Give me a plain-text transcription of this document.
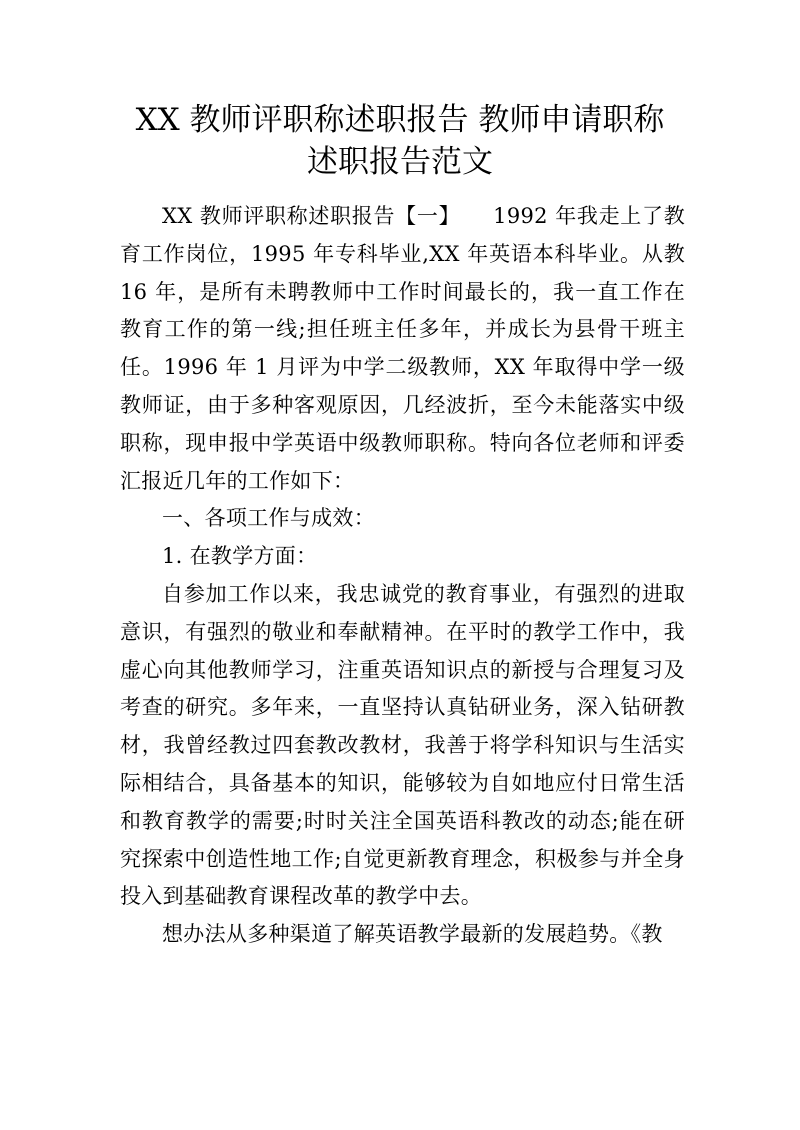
XX 教师评职称述职报告 教师申请职称
述职报告范文

XX 教师评职称述职报告【一】　　1992 年我走上了教育工作岗位，1995 年专科毕业,XX 年英语本科毕业。从教 16 年，是所有未聘教师中工作时间最长的，我一直工作在教育工作的第一线;担任班主任多年，并成长为县骨干班主任。1996 年 1 月评为中学二级教师，XX 年取得中学一级教师证，由于多种客观原因，几经波折，至今未能落实中级职称，现申报中学英语中级教师职称。特向各位老师和评委汇报近几年的工作如下：

一、各项工作与成效：

1. 在教学方面：

自参加工作以来，我忠诚党的教育事业，有强烈的进取意识，有强烈的敬业和奉献精神。在平时的教学工作中，我虚心向其他教师学习，注重英语知识点的新授与合理复习及考查的研究。多年来，一直坚持认真钻研业务，深入钻研教材，我曾经教过四套教改教材，我善于将学科知识与生活实际相结合，具备基本的知识，能够较为自如地应付日常生活和教育教学的需要;时时关注全国英语科教改的动态;能在研究探索中创造性地工作;自觉更新教育理念，积极参与并全身投入到基础教育课程改革的教学中去。

想办法从多种渠道了解英语教学最新的发展趋势。《教
